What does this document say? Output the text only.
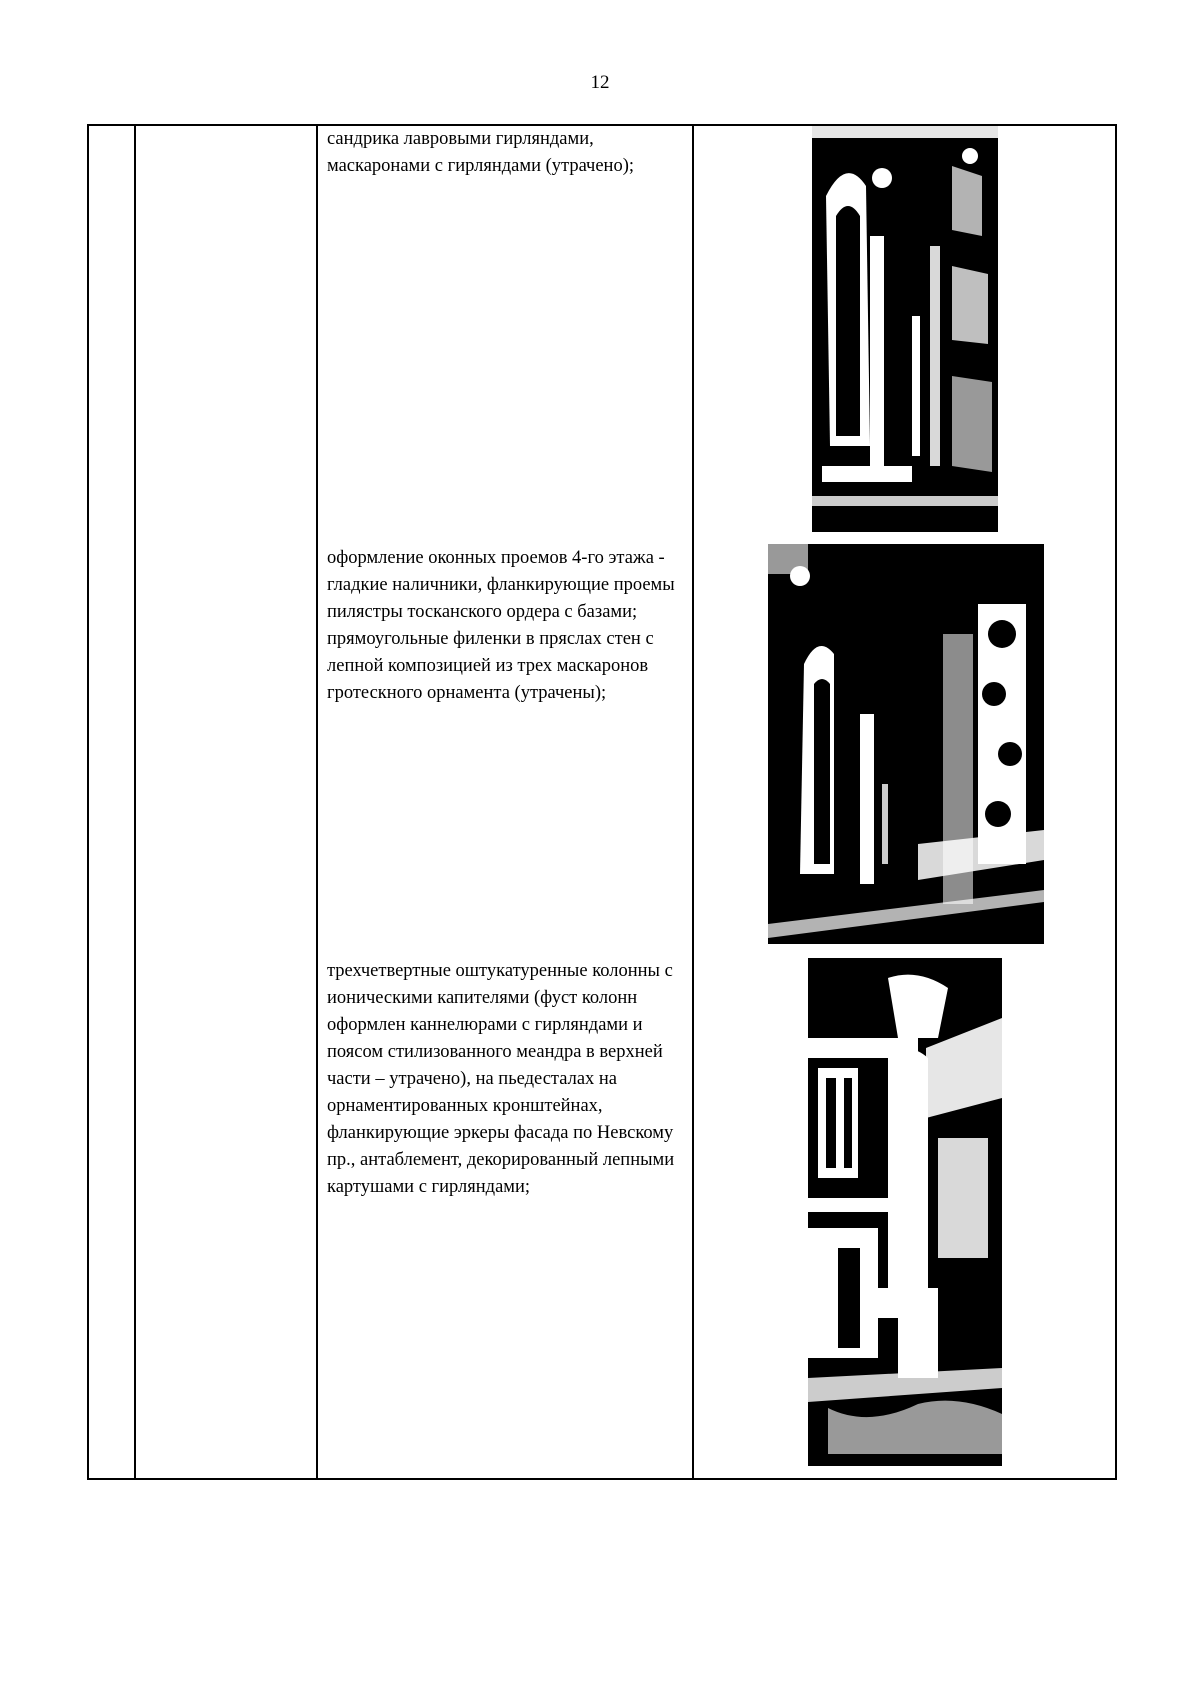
12

сандрика лавровыми гирляндами,

маскаронами с гирляндами (утрачено);

оформление оконных проемов 4-го этажа - гладкие наличники, фланкирующие проемы пилястры тосканского ордера с базами;

прямоугольные филенки в пряслах стен с лепной композицией из трех маскаронов гротескного орнамента (утрачены);

трехчетвертные оштукатуренные колонны с ионическими капителями (фуст колонн оформлен каннелюрами с гирляндами и поясом стилизованного меандра в верхней части – утрачено), на пьедесталах на орнаментированных кронштейнах, фланкирующие эркеры фасада по Невскому пр., антаблемент, декорированный лепными картушами с гирляндами;
